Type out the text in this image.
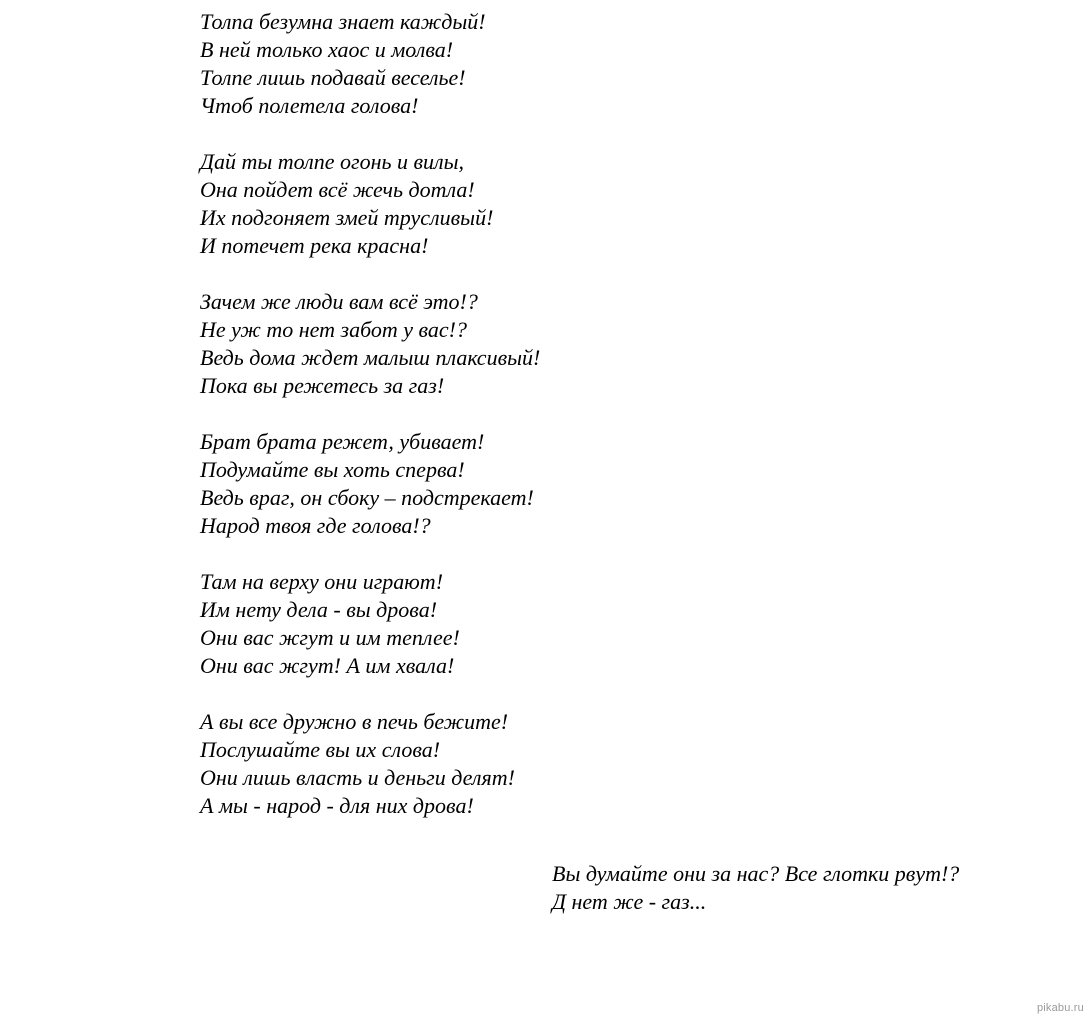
Толпа безумна знает каждый!
В ней только хаос и молва!
Толпе лишь подавай веселье!
Чтоб полетела голова!
Дай ты толпе огонь и вилы,
Она пойдет всё жечь дотла!
Их подгоняет змей трусливый!
И потечет река красна!
Зачем же люди вам всё это!?
Не уж то нет забот у вас!?
Ведь дома ждет малыш плаксивый!
Пока вы режетесь за газ!
Брат брата режет, убивает!
Подумайте вы хоть сперва!
Ведь враг, он сбоку – подстрекает!
Народ твоя где голова!?
Там на верху они играют!
Им нету дела - вы дрова!
Они вас жгут и им теплее!
Они вас жгут! А им хвала!
А вы все дружно в печь бежите!
Послушайте вы их слова!
Они лишь власть и деньги делят!
А мы - народ - для них дрова!
Вы думайте они за нас? Все глотки рвут!?
Д нет же - газ...
pikabu.ru
